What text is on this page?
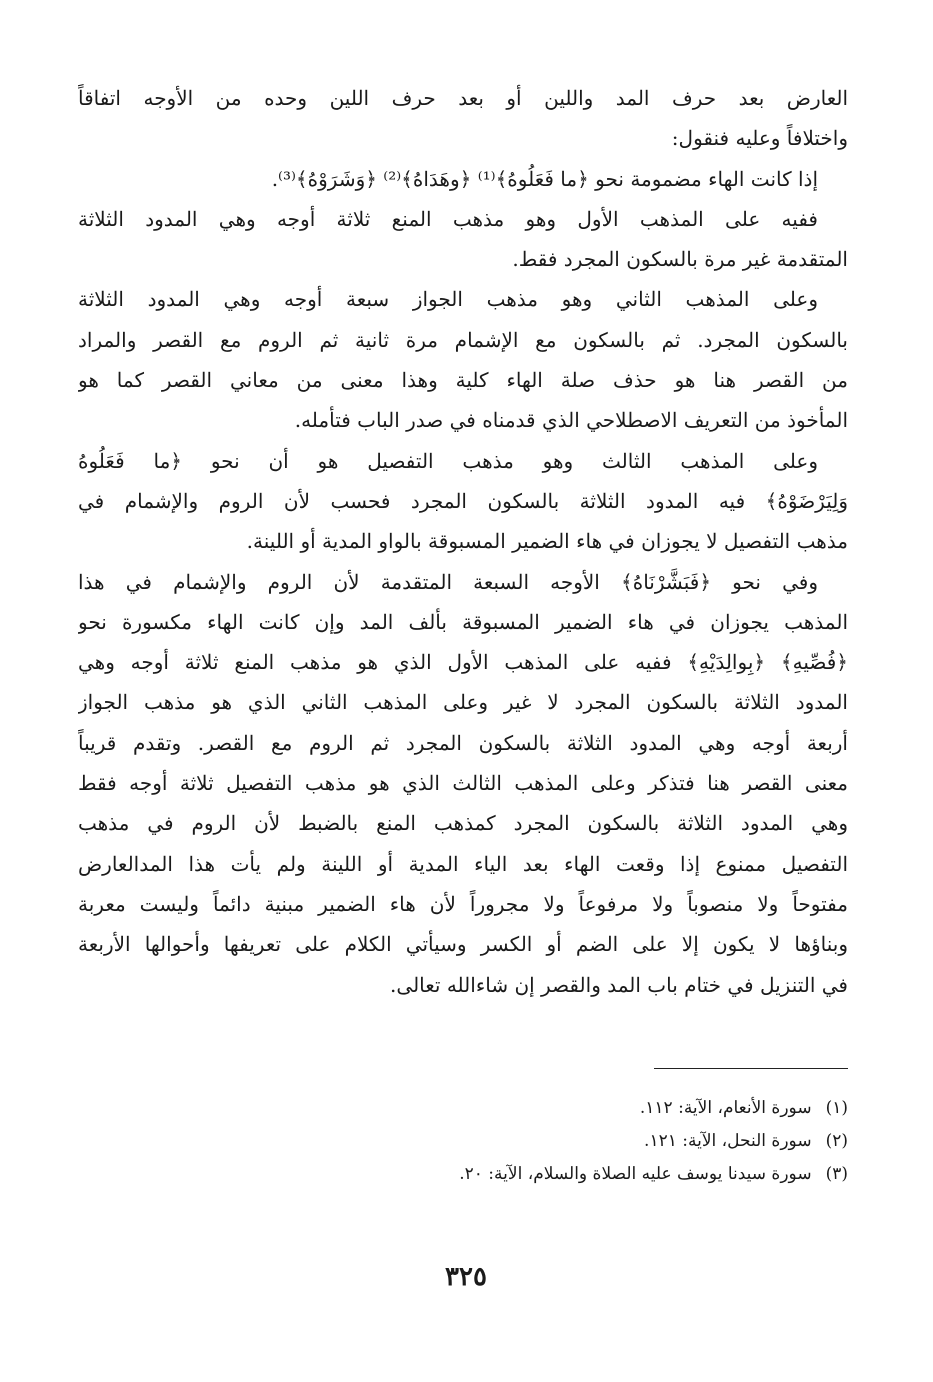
العارض بعد حرف المد واللين أو بعد حرف اللين وحده من الأوجه اتفاقاً
واختلافاً وعليه فنقول:
إذا كانت الهاء مضمومة نحو ﴿ما فَعَلُوهُ﴾⁽¹⁾ ﴿وهَدَاهُ﴾⁽²⁾ ﴿وَشَرَوْهُ﴾⁽³⁾.
ففيه على المذهب الأول وهو مذهب المنع ثلاثة أوجه وهي المدود الثلاثة
المتقدمة غير مرة بالسكون المجرد فقط.
وعلى المذهب الثاني وهو مذهب الجواز سبعة أوجه وهي المدود الثلاثة
بالسكون المجرد. ثم بالسكون مع الإشمام مرة ثانية ثم الروم مع القصر والمراد
من القصر هنا هو حذف صلة الهاء كلية وهذا معنى من معاني القصر كما هو
المأخوذ من التعريف الاصطلاحي الذي قدمناه في صدر الباب فتأمله.
وعلى المذهب الثالث وهو مذهب التفصيل هو أن نحو ﴿ما فَعَلُوهُ
وَلِيَرْضَوْهُ﴾ فيه المدود الثلاثة بالسكون المجرد فحسب لأن الروم والإشمام في
مذهب التفصيل لا يجوزان في هاء الضمير المسبوقة بالواو المدية أو اللينة.
وفي نحو ﴿فَبَشَّرْنَاهُ﴾ الأوجه السبعة المتقدمة لأن الروم والإشمام في هذا
المذهب يجوزان في هاء الضمير المسبوقة بألف المد وإن كانت الهاء مكسورة نحو
﴿فُصِّيهِ﴾ ﴿بِوالِدَيْهِ﴾ ففيه على المذهب الأول الذي هو مذهب المنع ثلاثة أوجه وهي
المدود الثلاثة بالسكون المجرد لا غير وعلى المذهب الثاني الذي هو مذهب الجواز
أربعة أوجه وهي المدود الثلاثة بالسكون المجرد ثم الروم مع القصر. وتقدم قريباً
معنى القصر هنا فتذكر وعلى المذهب الثالث الذي هو مذهب التفصيل ثلاثة أوجه فقط
وهي المدود الثلاثة بالسكون المجرد كمذهب المنع بالضبط لأن الروم في مذهب
التفصيل ممنوع إذا وقعت الهاء بعد الياء المدية أو اللينة ولم يأت هذا المدالعارض
مفتوحاً ولا منصوباً ولا مرفوعاً ولا مجروراً لأن هاء الضمير مبنية دائماً وليست معربة
وبناؤها لا يكون إلا على الضم أو الكسر وسيأتي الكلام على تعريفها وأحوالها الأربعة
في التنزيل في ختام باب المد والقصر إن شاءالله تعالى.
(١)سورة الأنعام، الآية: ١١٢.
(٢)سورة النحل، الآية: ١٢١.
(٣)سورة سيدنا يوسف عليه الصلاة والسلام، الآية: ٢٠.
٣٢٥
